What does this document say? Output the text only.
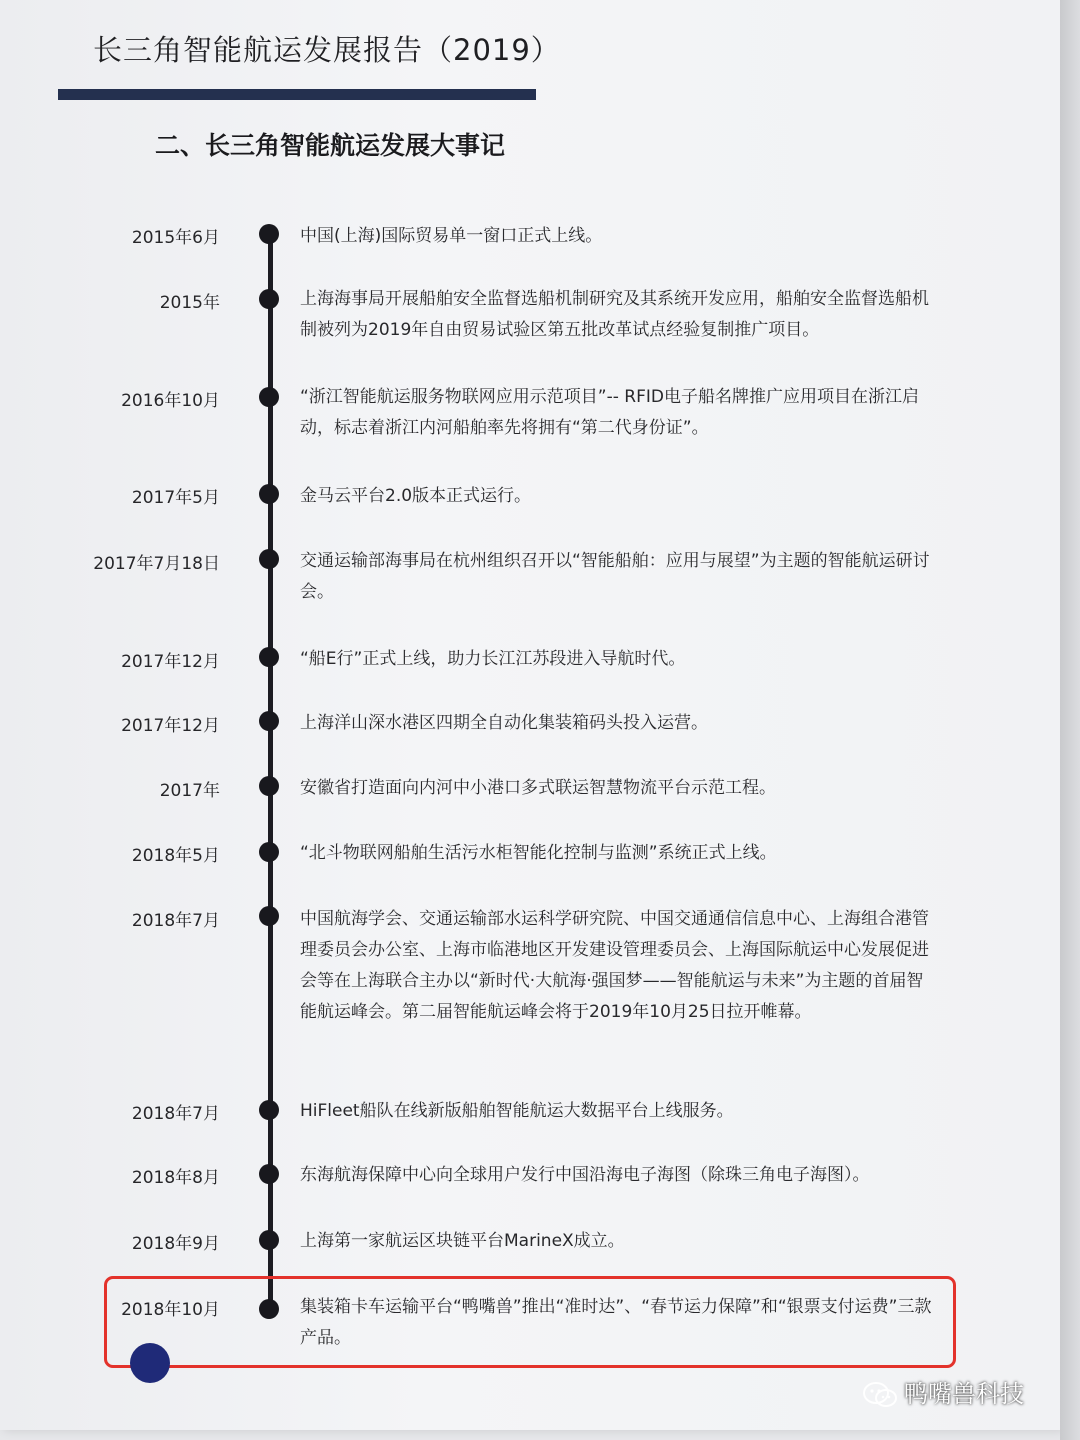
长三角智能航运发展报告（2019）
二、长三角智能航运发展大事记
2015年6月	中国(上海)国际贸易单一窗口正式上线。
2015年	上海海事局开展船舶安全监督选船机制研究及其系统开发应用，船舶安全监督选船机制被列为2019年自由贸易试验区第五批改革试点经验复制推广项目。
2016年10月	“浙江智能航运服务物联网应用示范项目”-- RFID电子船名牌推广应用项目在浙江启动，标志着浙江内河船舶率先将拥有“第二代身份证”。
2017年5月	金马云平台2.0版本正式运行。
2017年7月18日	交通运输部海事局在杭州组织召开以“智能船舶：应用与展望”为主题的智能航运研讨会。
2017年12月	“船E行”正式上线，助力长江江苏段进入导航时代。
2017年12月	上海洋山深水港区四期全自动化集装箱码头投入运营。
2017年	安徽省打造面向内河中小港口多式联运智慧物流平台示范工程。
2018年5月	“北斗物联网船舶生活污水柜智能化控制与监测”系统正式上线。
2018年7月	中国航海学会、交通运输部水运科学研究院、中国交通通信信息中心、上海组合港管理委员会办公室、上海市临港地区开发建设管理委员会、上海国际航运中心发展促进会等在上海联合主办以“新时代·大航海·强国梦——智能航运与未来”为主题的首届智能航运峰会。第二届智能航运峰会将于2019年10月25日拉开帷幕。
2018年7月	HiFleet船队在线新版船舶智能航运大数据平台上线服务。
2018年8月	东海航海保障中心向全球用户发行中国沿海电子海图（除珠三角电子海图）。
2018年9月	上海第一家航运区块链平台MarineX成立。
2018年10月	集装箱卡车运输平台“鸭嘴兽”推出“准时达”、“春节运力保障”和“银票支付运费”三款产品。
鸭嘴兽科技
